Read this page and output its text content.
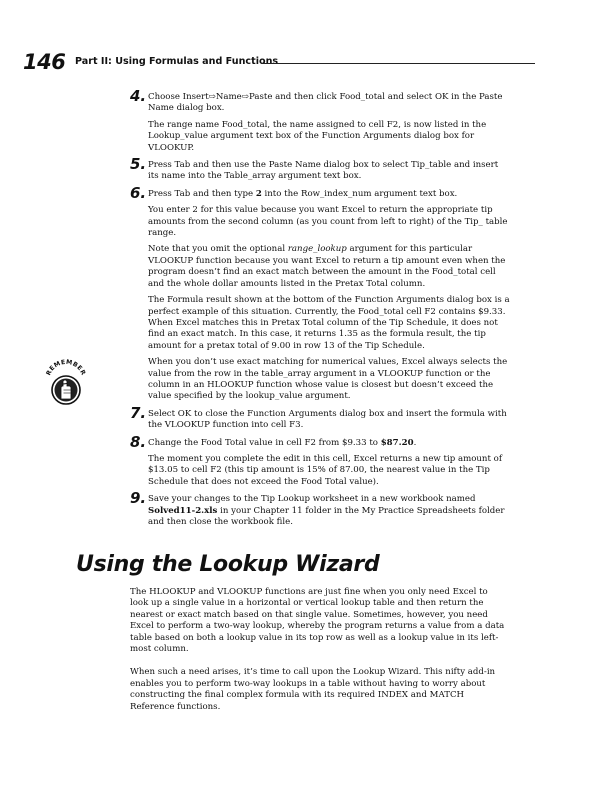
146 Part II: Using Formulas and Functions
4. Choose Insert⇨Name⇨Paste and then click Food_total and select OK in the Paste Name dialog box.

The range name Food_total, the name assigned to cell F2, is now listed in the Lookup_value argument text box of the Function Arguments dialog box for VLOOKUP.

5. Press Tab and then use the Paste Name dialog box to select Tip_table and insert its name into the Table_array argument text box.
6. Press Tab and then type 2 into the Row_index_num argument text box.

You enter 2 for this value because you want Excel to return the appropriate tip amounts from the second column (as you count from left to right) of the Tip_ table range.

Note that you omit the optional range_lookup argument for this particular VLOOKUP function because you want Excel to return a tip amount even when the program doesn’t find an exact match between the amount in the Food_total cell and the whole dollar amounts listed in the Pretax Total column.

The Formula result shown at the bottom of the Function Arguments dialog box is a perfect example of this situation. Currently, the Food_total cell F2 contains $9.33. When Excel matches this in Pretax Total column of the Tip Schedule, it does not find an exact match. In this case, it returns 1.35 as the formula result, the tip amount for a pretax total of 9.00 in row 13 of the Tip Schedule.

When you don’t use exact matching for numerical values, Excel always selects the value from the row in the table_array argument in a VLOOKUP function or the column in an HLOOKUP function whose value is closest but doesn’t exceed the value specified by the lookup_value argument.

7. Select OK to close the Function Arguments dialog box and insert the formula with the VLOOKUP function into cell F3.
8. Change the Food Total value in cell F2 from $9.33 to $87.20.

The moment you complete the edit in this cell, Excel returns a new tip amount of $13.05 to cell F2 (this tip amount is 15% of 87.00, the nearest value in the Tip Schedule that does not exceed the Food Total value).

9. Save your changes to the Tip Lookup worksheet in a new workbook named Solved11-2.xls in your Chapter 11 folder in the My Practice Spreadsheets folder and then close the workbook file.
REMEMBER
Using the Lookup Wizard

The HLOOKUP and VLOOKUP functions are just fine when you only need Excel to look up a single value in a horizontal or vertical lookup table and then return the nearest or exact match based on that single value. Sometimes, however, you need Excel to perform a two-way lookup, whereby the program returns a value from a data table based on both a lookup value in its top row as well as a lookup value in its left-most column.

When such a need arises, it’s time to call upon the Lookup Wizard. This nifty add-in enables you to perform two-way lookups in a table without having to worry about constructing the final complex formula with its required INDEX and MATCH Reference functions.
